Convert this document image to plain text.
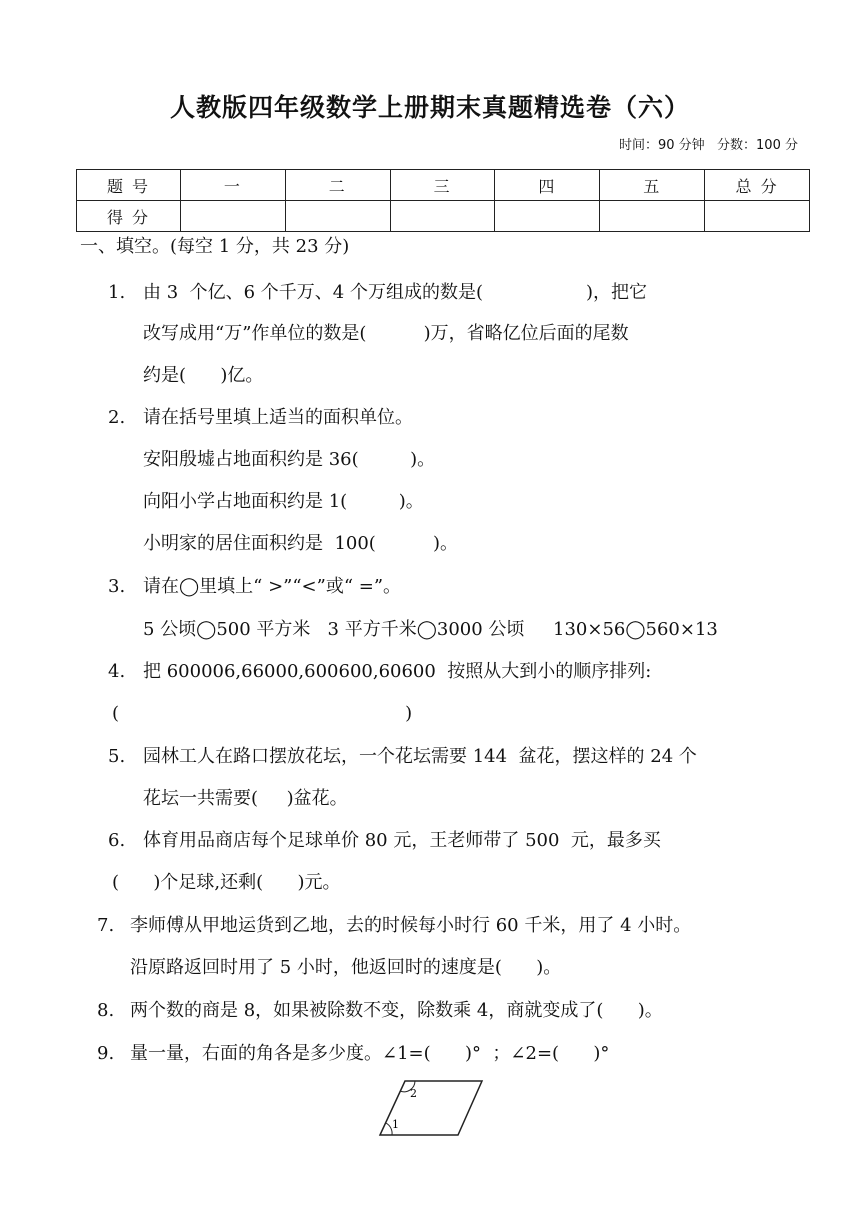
人教版四年级数学上册期末真题精选卷（六）
时间：90 分钟   分数：100 分
题 号	一	二	三	四	五	总 分
得 分						
一、填空。(每空 1 分，共 23 分)
1. 由 3  个亿、6 个千万、4 个万组成的数是(                  )，把它
改写成用“万”作单位的数是(          )万，省略亿位后面的尾数
约是(      )亿。
2. 请在括号里填上适当的面积单位。
安阳殷墟占地面积约是 36(         )。
向阳小学占地面积约是 1(         )。
小明家的居住面积约是  100(          )。
3. 请在◯里填上“ >”“<”或“ =”。
5 公顷◯500 平方米   3 平方千米◯3000 公顷     130×56◯560×13
4. 把 600006,66000,600600,60600  按照从大到小的顺序排列:
(                                                  )
5. 园林工人在路口摆放花坛，一个花坛需要 144  盆花，摆这样的 24 个
花坛一共需要(     )盆花。
6. 体育用品商店每个足球单价 80 元，王老师带了 500  元，最多买
(      )个足球,还剩(      )元。
7. 李师傅从甲地运货到乙地，去的时候每小时行 60 千米，用了 4 小时。
沿原路返回时用了 5 小时，他返回时的速度是(      )。
8. 两个数的商是 8，如果被除数不变，除数乘 4，商就变成了(      )。
9. 量一量，右面的角各是多少度。∠1=(      )°  ；∠2=(      )°
1
2
